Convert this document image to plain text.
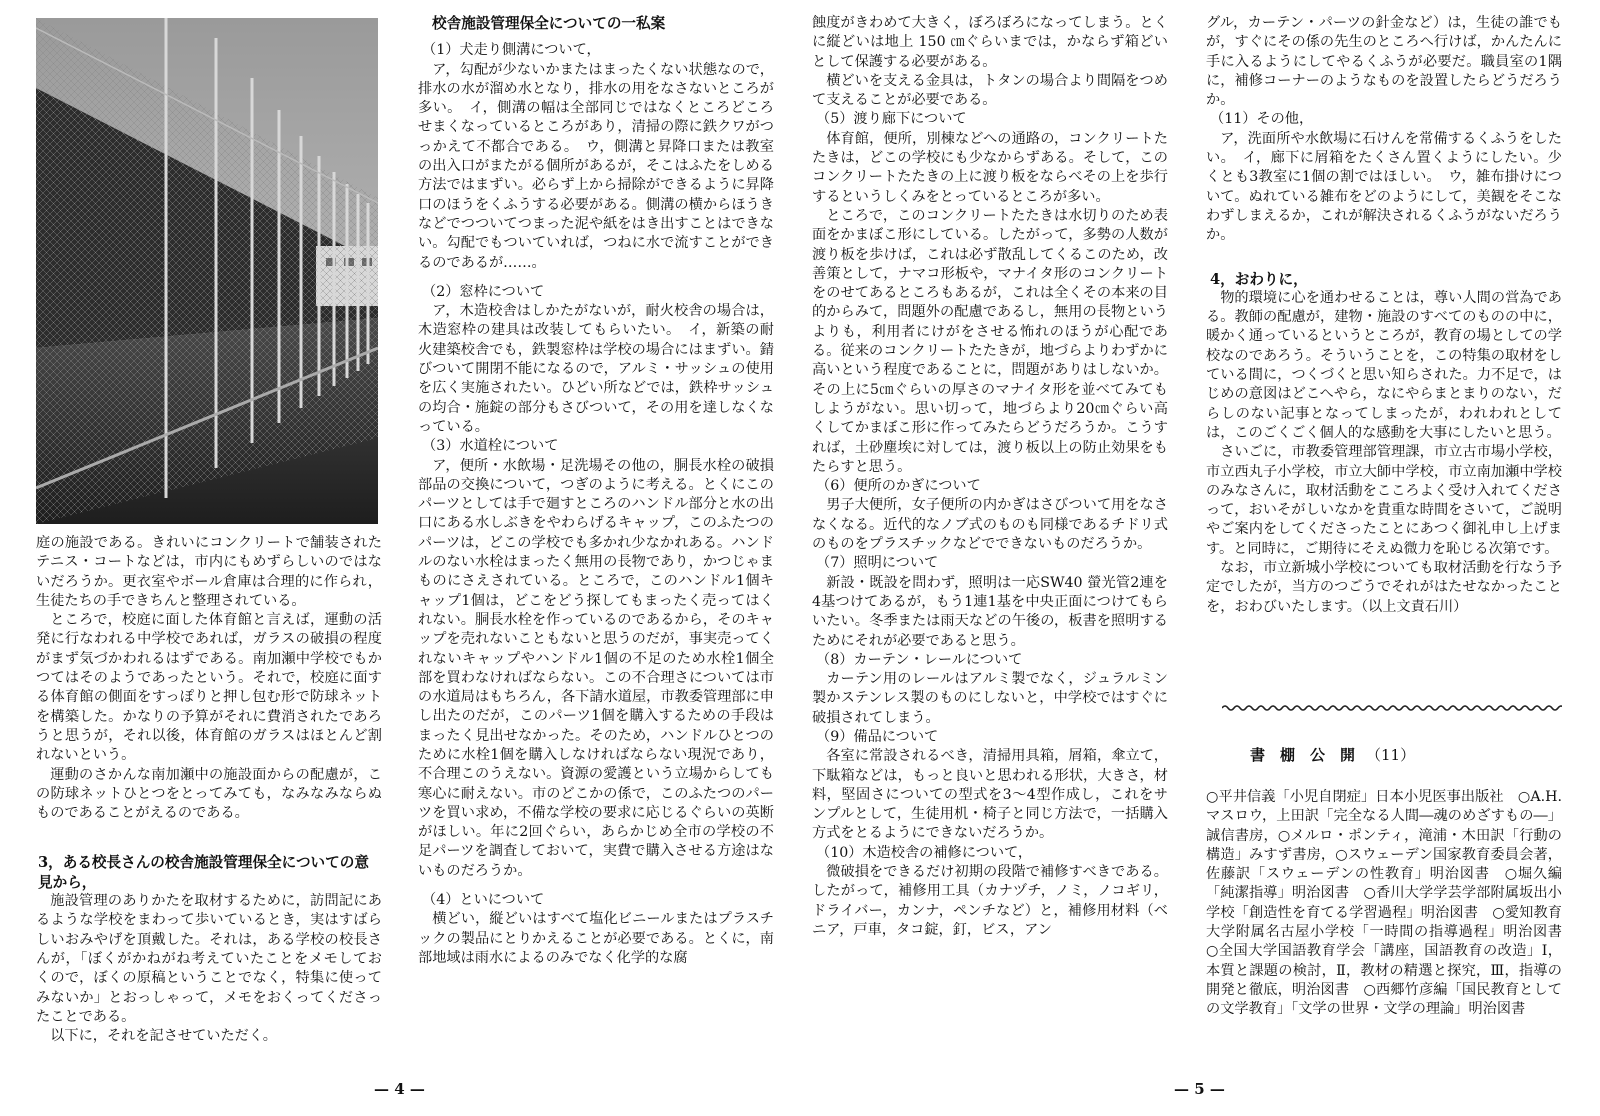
庭の施設である。きれいにコンクリートで舗装されたテニス・コートなどは，市内にもめずらしいのではないだろうか。更衣室やボール倉庫は合理的に作られ，生徒たちの手できちんと整理されている。

ところで，校庭に面した体育館と言えば，運動の活発に行なわれる中学校であれば，ガラスの破損の程度がまず気づかわれるはずである。南加瀬中学校でもかつてはそのようであったという。それで，校庭に面する体育館の側面をすっぽりと押し包む形で防球ネットを構築した。かなりの予算がそれに費消されたであろうと思うが，それ以後，体育館のガラスはほとんど割れないという。

運動のさかんな南加瀬中の施設面からの配慮が，この防球ネットひとつをとってみても，なみなみならぬものであることがえるのである。

3，ある校長さんの校舎施設管理保全についての意見から，

施設管理のありかたを取材するために，訪問記にあるような学校をまわって歩いているとき，実はすばらしいおみやげを頂戴した。それは，ある学校の校長さんが，「ぼくがかねがね考えていたことをメモしておくので，ぼくの原稿ということでなく，特集に使ってみないか」とおっしゃって，メモをおくってくださったことである。

以下に，それを記させていただく。

校舎施設管理保全についての一私案
（1）犬走り側溝について，

ア，勾配が少ないかまたはまったくない状態なので，排水の水が溜め水となり，排水の用をなさないところが多い。　イ，側溝の幅は全部同じではなくところどころせまくなっているところがあり，清掃の際に鉄クワがつっかえて不都合である。　ウ，側溝と昇降口または教室の出入口がまたがる個所があるが，そこはふたをしめる方法ではまずい。必らず上から掃除ができるように昇降口のほうをくふうする必要がある。側溝の横からほうきなどでつついてつまった泥や紙をはき出すことはできない。勾配でもついていれば，つねに水で流すことができるのであるが……。

（2）窓枠について

ア，木造校舎はしかたがないが，耐火校舎の場合は，木造窓枠の建具は改装してもらいたい。　イ，新築の耐火建築校舎でも，鉄製窓枠は学校の場合にはまずい。錆びついて開閉不能になるので，アルミ・サッシュの使用を広く実施されたい。ひどい所などでは，鉄枠サッシュの均合・施錠の部分もさびついて，その用を達しなくなっている。

（3）水道栓について

ア，便所・水飲場・足洗場その他の，胴長水栓の破損部品の交換について，つぎのように考える。とくにこのパーツとしては手で廻すところのハンドル部分と水の出口にある水しぶきをやわらげるキャップ，このふたつのパーツは，どこの学校でも多かれ少なかれある。ハンドルのない水栓はまったく無用の長物であり，かつじゃまものにさえされている。ところで，このハンドル1個キャップ1個は，どこをどう探してもまったく売ってはくれない。胴長水栓を作っているのであるから，そのキャップを売れないこともないと思うのだが，事実売ってくれないキャップやハンドル1個の不足のため水栓1個全部を買わなければならない。この不合理さについては市の水道局はもちろん，各下請水道屋，市教委管理部に申し出たのだが，このパーツ1個を購入するための手段はまったく見出せなかった。そのため，ハンドルひとつのために水栓1個を購入しなければならない現況であり，不合理このうえない。資源の愛護という立場からしても寒心に耐えない。市のどこかの係で，このふたつのパーツを買い求め，不備な学校の要求に応じるぐらいの英断がほしい。年に2回ぐらい，あらかじめ全市の学校の不足パーツを調査しておいて，実費で購入させる方途はないものだろうか。

（4）といについて

横どい，縦どいはすべて塩化ビニールまたはプラスチックの製品にとりかえることが必要である。とくに，南部地域は雨水によるのみでなく化学的な腐

— 4 —

蝕度がきわめて大きく，ぼろぼろになってしまう。とくに縦どいは地上 150 ㎝ぐらいまでは，かならず箱どいとして保護する必要がある。

横どいを支える金具は，トタンの場合より間隔をつめて支えることが必要である。

（5）渡り廊下について

体育館，便所，別棟などへの通路の，コンクリートたたきは，どこの学校にも少なからずある。そして，このコンクリートたたきの上に渡り板をならべその上を歩行するというしくみをとっているところが多い。

ところで，このコンクリートたたきは水切りのため表面をかまぼこ形にしている。したがって，多勢の人数が渡り板を歩けば，これは必ず散乱してくるこのため，改善策として，ナマコ形板や，マナイタ形のコンクリートをのせてあるところもあるが，これは全くその本来の目的からみて，問題外の配慮であるし，無用の長物というよりも，利用者にけがをさせる怖れのほうが心配である。従来のコンクリートたたきが，地づらよりわずかに高いという程度であることに，問題がありはしないか。その上に5㎝ぐらいの厚さのマナイタ形を並べてみてもしようがない。思い切って，地づらより20㎝ぐらい高くしてかまぼこ形に作ってみたらどうだろうか。こうすれば，土砂塵埃に対しては，渡り板以上の防止効果をもたらすと思う。

（6）便所のかぎについて

男子大便所，女子便所の内かぎはさびついて用をなさなくなる。近代的なノブ式のものも同様であるチドリ式のものをプラスチックなどでできないものだろうか。

（7）照明について

新設・既設を問わず，照明は一応SW40 螢光管2連を4基つけてあるが，もう1連1基を中央正面につけてもらいたい。冬季または雨天などの午後の，板書を照明するためにそれが必要であると思う。

（8）カーテン・レールについて

カーテン用のレールはアルミ製でなく，ジュラルミン製かステンレス製のものにしないと，中学校ではすぐに破損されてしまう。

（9）備品について

各室に常設されるべき，清掃用具箱，屑箱，傘立て，下駄箱などは，もっと良いと思われる形状，大きさ，材料，堅固さについての型式を3～4型作成し，これをサンプルとして，生徒用机・椅子と同じ方法で，一括購入方式をとるようにできないだろうか。

（10）木造校舎の補修について，

微破損をできるだけ初期の段階で補修すべきである。したがって，補修用工具（カナヅチ，ノミ，ノコギリ，ドライバー，カンナ，ペンチなど）と，補修用材料（ベニア，戸車，タコ錠，釘，ビス，アン

— 5 —

グル，カーテン・パーツの針金など）は，生徒の誰でもが，すぐにその係の先生のところへ行けば，かんたんに手に入るようにしてやるくふうが必要だ。職員室の1隅に，補修コーナーのようなものを設置したらどうだろうか。

（11）その他，

ア，洗面所や水飲場に石けんを常備するくふうをしたい。　イ，廊下に屑箱をたくさん置くようにしたい。少くとも3教室に1個の割ではほしい。　ウ，雑布掛けについて。ぬれている雑布をどのようにして，美観をそこなわずしまえるか，これが解決されるくふうがないだろうか。

4，おわりに，

物的環境に心を通わせることは，尊い人間の営為である。教師の配慮が，建物・施設のすべてのものの中に，暖かく通っているというところが，教育の場としての学校なのであろう。そういうことを，この特集の取材をしている間に，つくづくと思い知らされた。力不足で，はじめの意図はどこへやら，なにやらまとまりのない，だらしのない記事となってしまったが，われわれとしては，このごくごく個人的な感動を大事にしたいと思う。

さいごに，市教委管理部管理課，市立古市場小学校，市立西丸子小学校，市立大師中学校，市立南加瀬中学校のみなさんに，取材活動をこころよく受け入れてくださって，おいそがしいなかを貴重な時間をさいて，ご説明やご案内をしてくださったことにあつく御礼申し上げます。と同時に，ご期待にそえぬ微力を恥じる次第です。

なお，市立新城小学校についても取材活動を行なう予定でしたが，当方のつごうでそれがはたせなかったことを，おわびいたします。（以上文責石川）

書　棚　公　開 （11）

○平井信義「小児自閉症」日本小児医事出版社　○A.H.マスロウ，上田訳「完全なる人間―魂のめざすもの―」誠信書房，○メルロ・ポンティ，滝浦・木田訳「行動の構造」みすず書房，○スウェーデン国家教育委員会著，佐藤訳「スウェーデンの性教育」明治図書　○堀久編「純潔指導」明治図書　○香川大学学芸学部附属坂出小学校「創造性を育てる学習過程」明治図書　○愛知教育大学附属名古屋小学校「一時間の指導過程」明治図書　○全国大学国語教育学会「講座，国語教育の改造」Ⅰ，本質と課題の検討，Ⅱ，教材の精選と探究，Ⅲ，指導の開発と徹底，明治図書　○西郷竹彦編「国民教育としての文学教育」「文学の世界・文学の理論」明治図書
